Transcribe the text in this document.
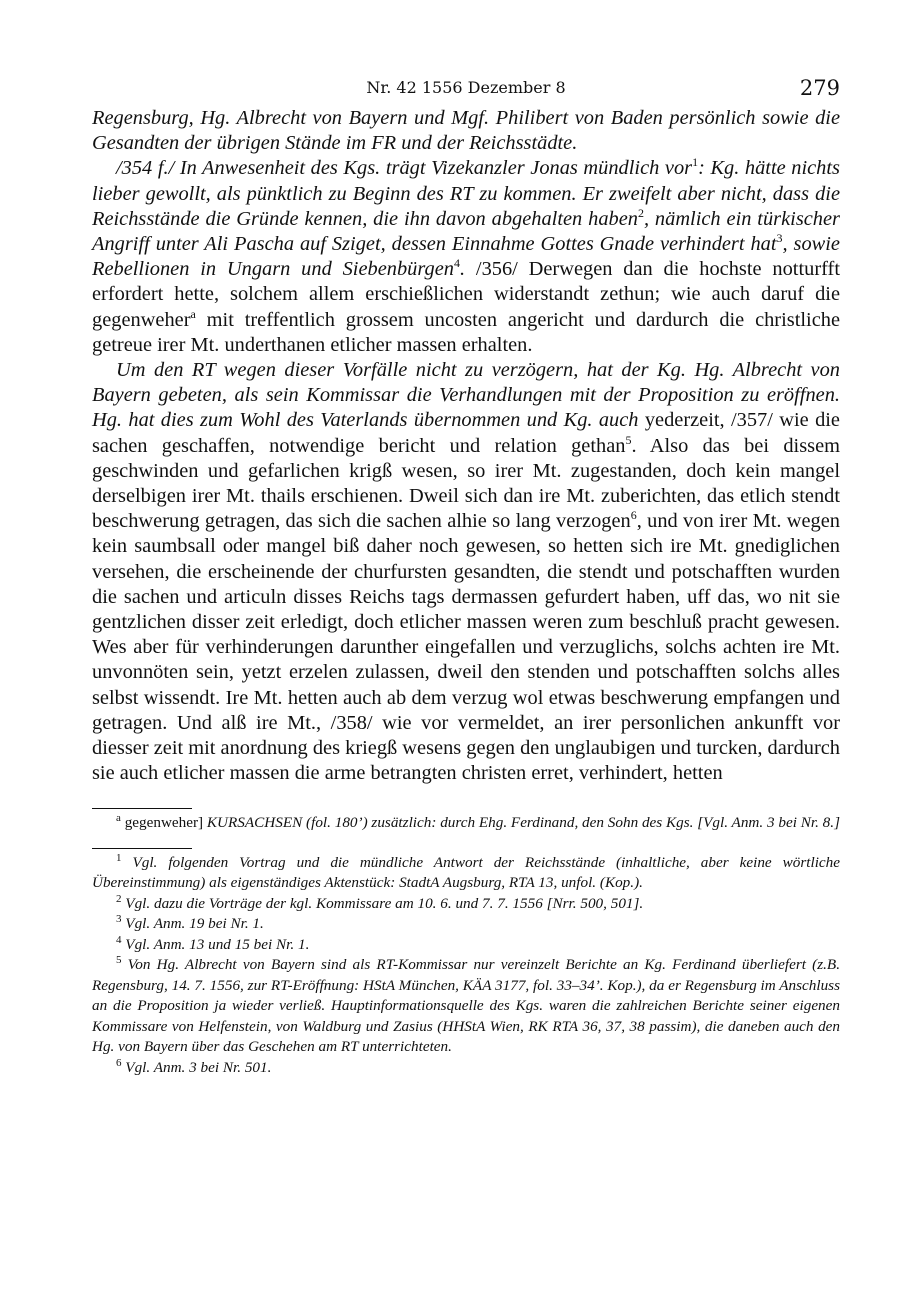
Nr. 42 1556 Dezember 8	279

Regensburg, Hg. Albrecht von Bayern und Mgf. Philibert von Baden persönlich sowie die Gesandten der übrigen Stände im FR und der Reichsstädte.

/354 f./ In Anwesenheit des Kgs. trägt Vizekanzler Jonas mündlich vor$^1$: Kg. hätte nichts lieber gewollt, als pünktlich zu Beginn des RT zu kommen. Er zweifelt aber nicht, dass die Reichsstände die Gründe kennen, die ihn davon abgehalten haben$^2$, nämlich ein türkischer Angriff unter Ali Pascha auf Sziget, dessen Einnahme Gottes Gnade verhindert hat$^3$, sowie Rebellionen in Ungarn und Siebenbürgen$^4$. /356/ Derwegen dan die hochste notturfft erfordert hette, solchem allem erschießlichen widerstandt zethun; wie auch daruf die gegenweher$^a$ mit treffentlich grossem uncosten angericht und dardurch die christliche getreue irer Mt. underthanen etlicher massen erhalten.

Um den RT wegen dieser Vorfälle nicht zu verzögern, hat der Kg. Hg. Albrecht von Bayern gebeten, als sein Kommissar die Verhandlungen mit der Proposition zu eröffnen. Hg. hat dies zum Wohl des Vaterlands übernommen und Kg. auch yederzeit, /357/ wie die sachen geschaffen, notwendige bericht und relation gethan$^5$. Also das bei dissem geschwinden und gefarlichen krigß wesen, so irer Mt. zugestanden, doch kein mangel derselbigen irer Mt. thails erschienen. Dweil sich dan ire Mt. zuberichten, das etlich stendt beschwerung getragen, das sich die sachen alhie so lang verzogen$^6$, und von irer Mt. wegen kein saumbsall oder mangel biß daher noch gewesen, so hetten sich ire Mt. gnediglichen versehen, die erscheinende der churfursten gesandten, die stendt und potschafften wurden die sachen und articuln disses Reichs tags dermassen gefurdert haben, uff das, wo nit sie gentzlichen disser zeit erledigt, doch etlicher massen weren zum beschluß pracht gewesen. Wes aber für verhinderungen darunther eingefallen und verzuglichs, solchs achten ire Mt. unvonnöten sein, yetzt erzelen zulassen, dweil den stenden und potschafften solchs alles selbst wissendt. Ire Mt. hetten auch ab dem verzug wol etwas beschwerung empfangen und getragen. Und alß ire Mt., /358/ wie vor vermeldet, an irer personlichen ankunfft vor diesser zeit mit anordnung des kriegß wesens gegen den unglaubigen und turcken, dardurch sie auch etlicher massen die arme betrangten christen erret, verhindert, hetten

$^a$ gegenweher] KURSACHSEN (fol. 180’) zusätzlich: durch Ehg. Ferdinand, den Sohn des Kgs. [Vgl. Anm. 3 bei Nr. 8.]

$^1$ Vgl. folgenden Vortrag und die mündliche Antwort der Reichsstände (inhaltliche, aber keine wörtliche Übereinstimmung) als eigenständiges Aktenstück: StadtA Augsburg, RTA 13, unfol. (Kop.).

$^2$ Vgl. dazu die Vorträge der kgl. Kommissare am 10. 6. und 7. 7. 1556 [Nrr. 500, 501].

$^3$ Vgl. Anm. 19 bei Nr. 1.

$^4$ Vgl. Anm. 13 und 15 bei Nr. 1.

$^5$ Von Hg. Albrecht von Bayern sind als RT-Kommissar nur vereinzelt Berichte an Kg. Ferdinand überliefert (z.B. Regensburg, 14. 7. 1556, zur RT-Eröffnung: HStA München, KÄA 3177, fol. 33–34’. Kop.), da er Regensburg im Anschluss an die Proposition ja wieder verließ. Hauptinformationsquelle des Kgs. waren die zahlreichen Berichte seiner eigenen Kommissare von Helfenstein, von Waldburg und Zasius (HHStA Wien, RK RTA 36, 37, 38 passim), die daneben auch den Hg. von Bayern über das Geschehen am RT unterrichteten.

$^6$ Vgl. Anm. 3 bei Nr. 501.
